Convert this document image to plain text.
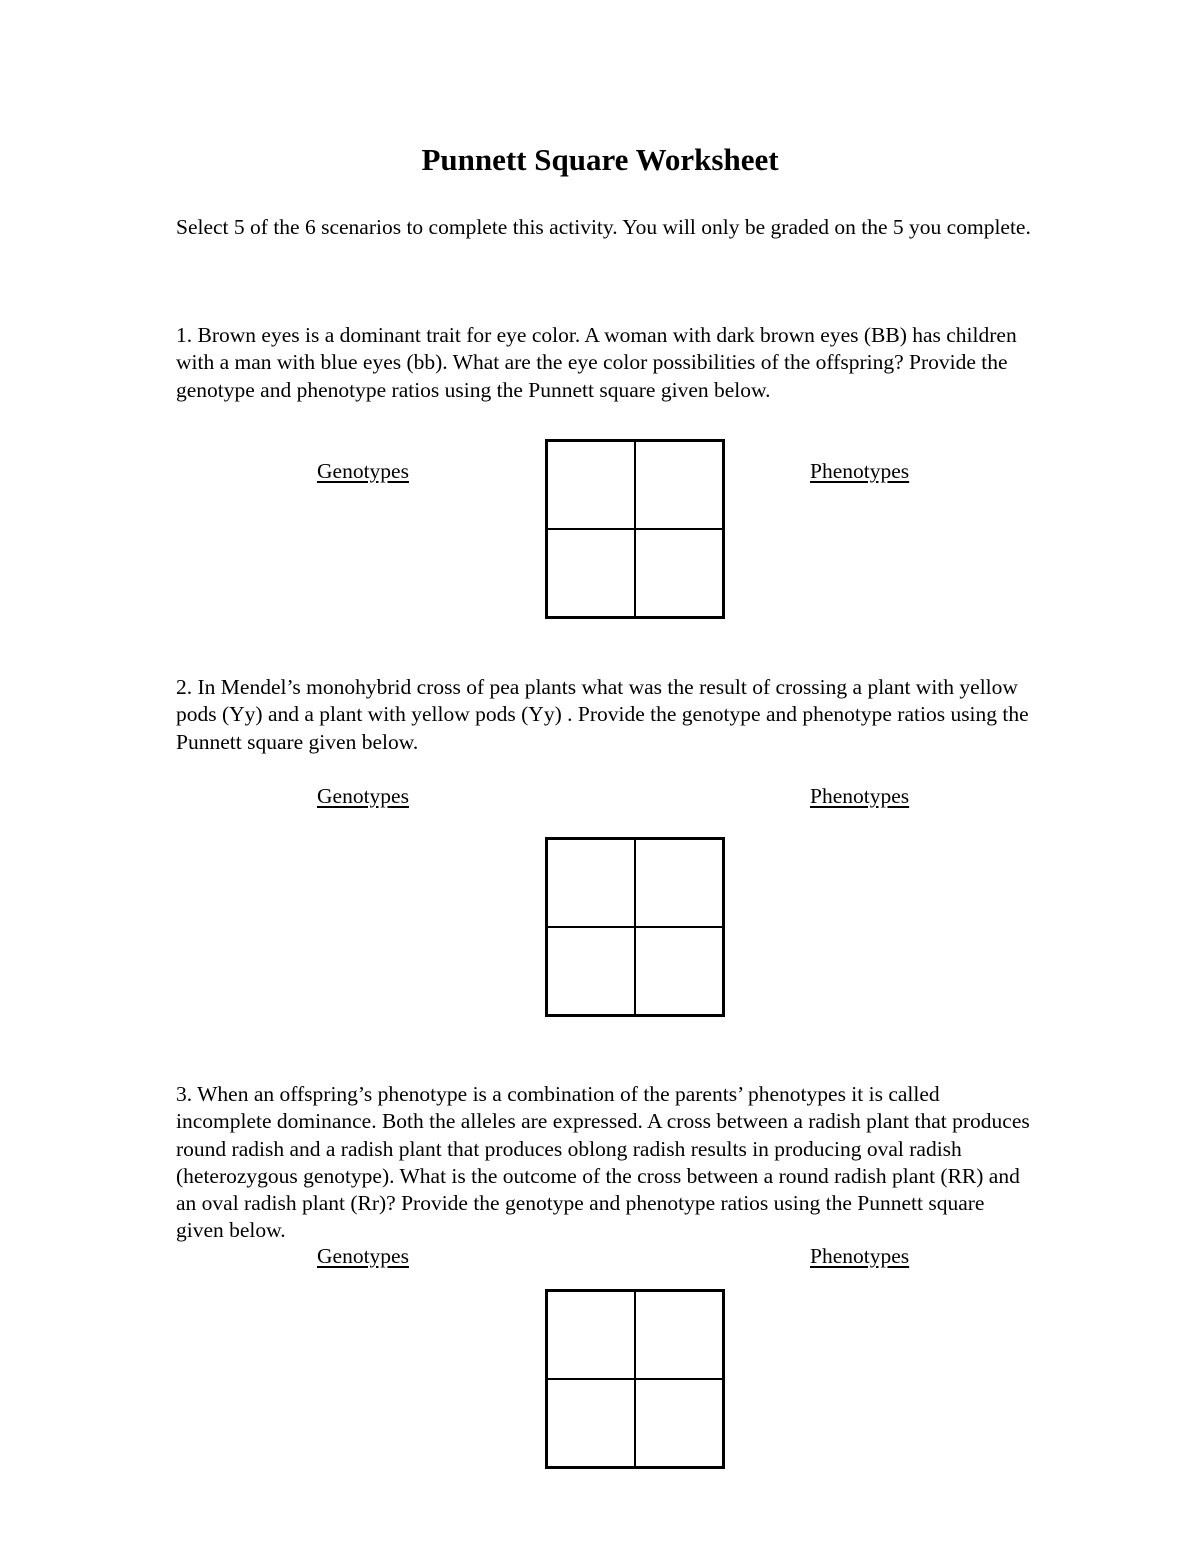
Punnett Square Worksheet
Select 5 of the 6 scenarios to complete this activity. You will only be graded on the 5 you complete.
1. Brown eyes is a dominant trait for eye color. A woman with dark brown eyes (BB) has children with a man with blue eyes (bb). What are the eye color possibilities of the offspring? Provide the genotype and phenotype ratios using the Punnett square given below.
Genotypes	Phenotypes
2. In Mendel’s monohybrid cross of pea plants what was the result of crossing a plant with yellow pods (Yy) and a plant with yellow pods (Yy) . Provide the genotype and phenotype ratios using the Punnett square given below.
Genotypes	Phenotypes
3. When an offspring’s phenotype is a combination of the parents’ phenotypes it is called incomplete dominance. Both the alleles are expressed. A cross between a radish plant that produces round radish and a radish plant that produces oblong radish results in producing oval radish (heterozygous genotype). What is the outcome of the cross between a round radish plant (RR) and an oval radish plant (Rr)? Provide the genotype and phenotype ratios using the Punnett square given below.
Genotypes	Phenotypes
